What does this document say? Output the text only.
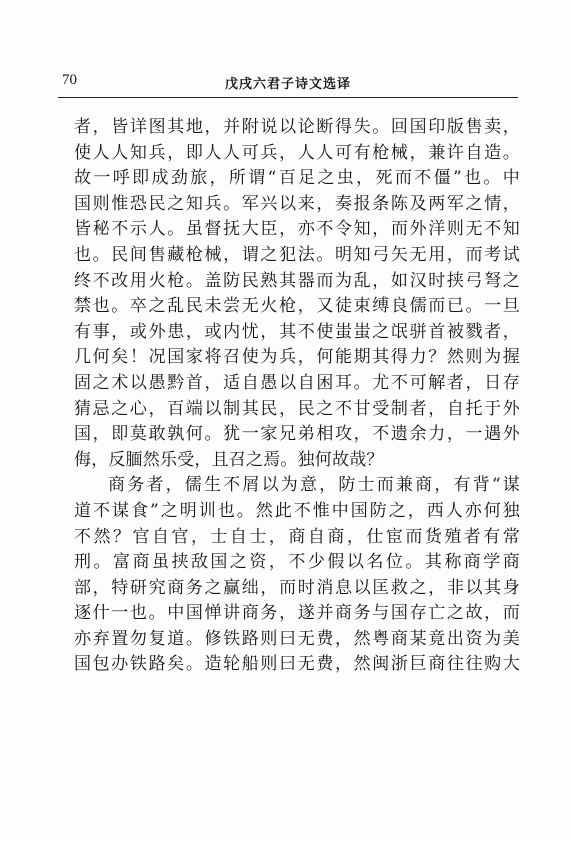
70	戊戌六君子诗文选译

者，皆详图其地，并附说以论断得失。回国印版售卖，
使人人知兵，即人人可兵，人人可有枪械，兼许自造。
故一呼即成劲旅，所谓“百足之虫，死而不僵”也。中
国则惟恐民之知兵。军兴以来，奏报条陈及两军之情，
皆秘不示人。虽督抚大臣，亦不令知，而外洋则无不知
也。民间售藏枪械，谓之犯法。明知弓矢无用，而考试
终不改用火枪。盖防民熟其器而为乱，如汉时挟弓弩之
禁也。卒之乱民未尝无火枪，又徒束缚良儒而已。一旦
有事，或外患，或内忧，其不使蚩蚩之氓骈首被戮者，
几何矣！况国家将召使为兵，何能期其得力？然则为握
固之术以愚黔首，适自愚以自困耳。尤不可解者，日存
猜忌之心，百端以制其民，民之不甘受制者，自托于外
国，即莫敢孰何。犹一家兄弟相攻，不遗余力，一遇外
侮，反腼然乐受，且召之焉。独何故哉？

商务者，儒生不屑以为意，防士而兼商，有背“谋
道不谋食”之明训也。然此不惟中国防之，西人亦何独
不然？官自官，士自士，商自商，仕宦而货殖者有常
刑。富商虽挟敌国之资，不少假以名位。其称商学商
部，特研究商务之赢绌，而时消息以匡救之，非以其身
逐什一也。中国惮讲商务，遂并商务与国存亡之故，而
亦弃置勿复道。修铁路则曰无费，然粤商某竟出资为美
国包办铁路矣。造轮船则曰无费，然闽浙巨商往往购大
